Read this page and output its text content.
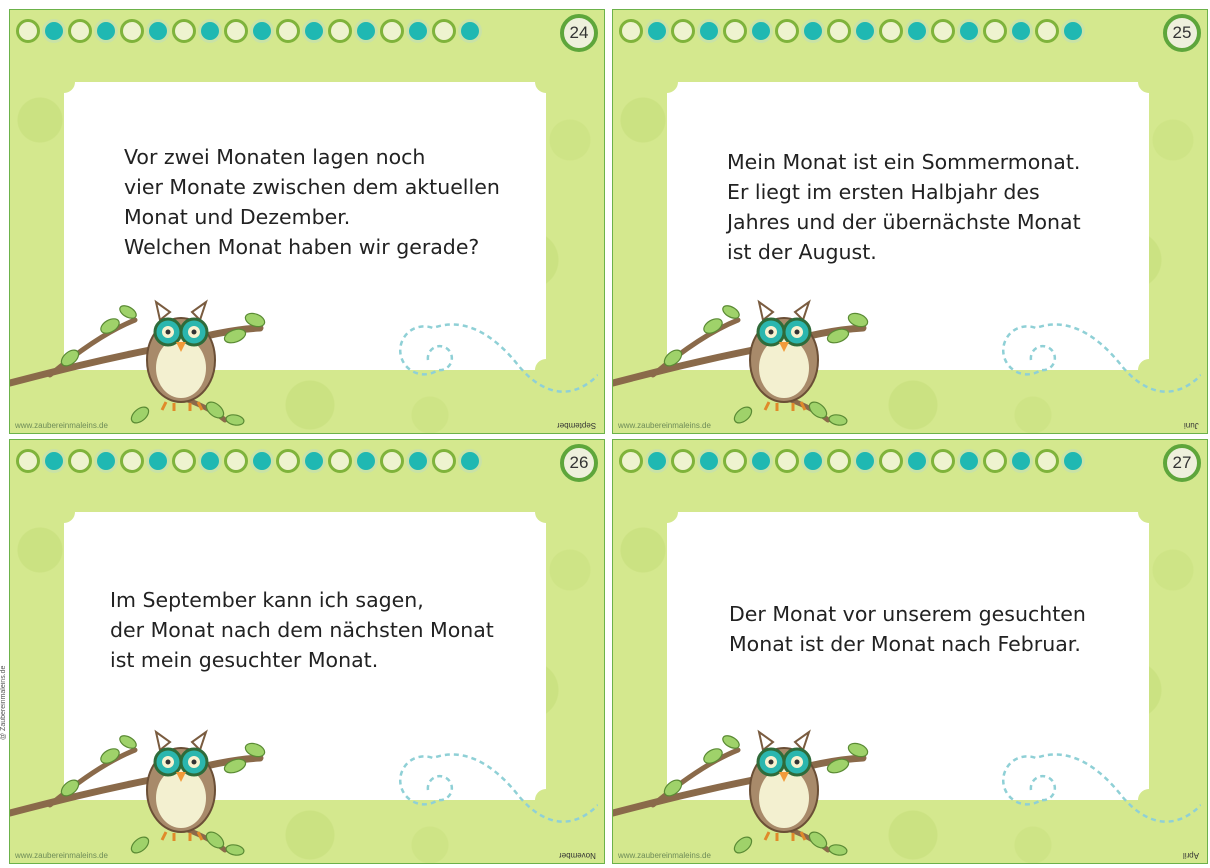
24

Vor zwei Monaten lagen noch
vier Monate zwischen dem aktuellen
Monat und Dezember.
Welchen Monat haben wir gerade?

www.zaubereinmaleins.de	September
25

Mein Monat ist ein Sommermonat.
Er liegt im ersten Halbjahr des
Jahres und der übernächste Monat
ist der August.

www.zaubereinmaleins.de	Juni
26

Im September kann ich sagen,
der Monat nach dem nächsten Monat
ist mein gesuchter Monat.

www.zaubereinmaleins.de	November
27

Der Monat vor unserem gesuchten
Monat ist der Monat nach Februar.

www.zaubereinmaleins.de	April
@ Zaubereinmaleins.de
